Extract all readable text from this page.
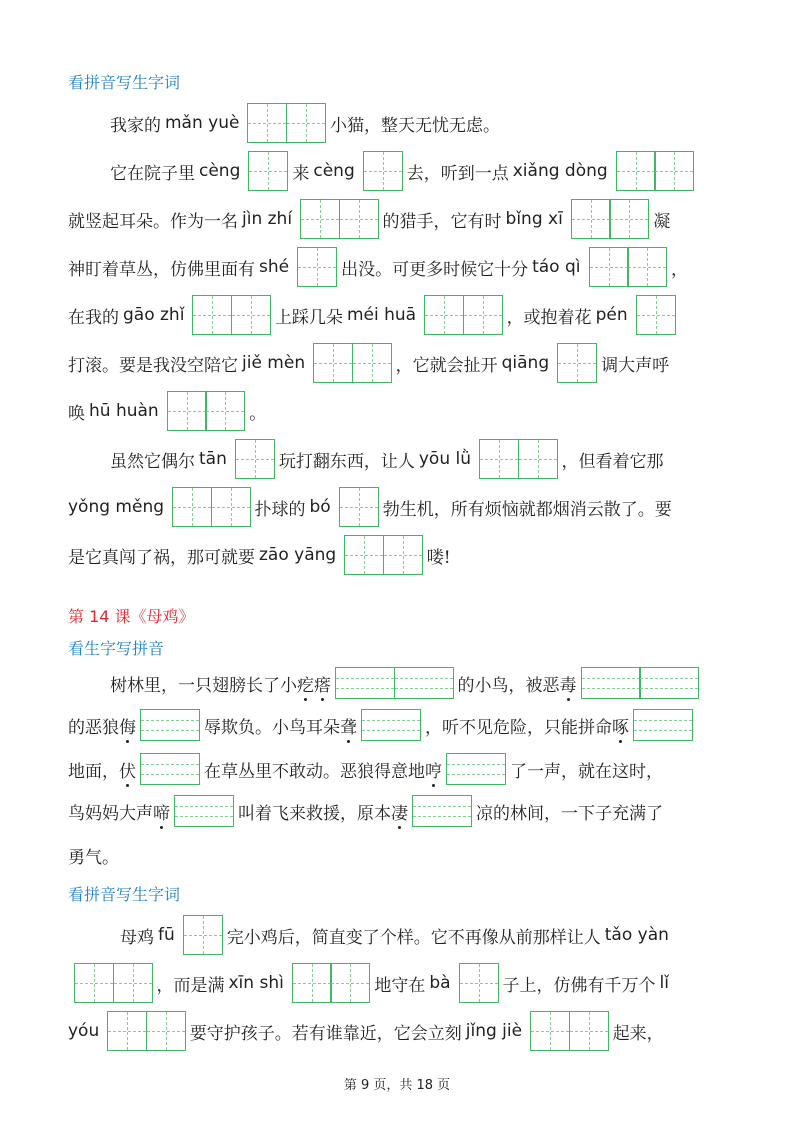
看拼音写生字词
我家的 mǎn yuè	小猫，整天无忧无虑。
它在院子里 cèng	来 cèng	去，听到一点 xiǎng dòng
就竖起耳朵。作为一名 jìn zhí	的猎手，它有时 bǐng xī	凝
神盯着草丛，仿佛里面有 shé	出没。可更多时候它十分 táo qì	，
在我的 gāo zhǐ	上踩几朵 méi huā	，或抱着花 pén
打滚。要是我没空陪它 jiě mèn	，它就会扯开 qiāng	调大声呼
唤 hū huàn	。
虽然它偶尔 tān	玩打翻东西，让人 yōu lǜ	，但看着它那
yǒng měng	扑球的 bó	勃生机，所有烦恼就都烟消云散了。要
是它真闯了祸，那可就要 zāo yāng	喽!
第 14 课《母鸡》
看生字写拼音
树林里，一只翅膀长了小 疙 瘩	的小鸟，被恶 毒
的恶狼 侮	辱欺负。小鸟耳朵 聋	，听不见危险，只能拼命 啄
地面， 伏	在草丛里不敢动。恶狼得意地 哼	了一声，就在这时，
鸟妈妈大声 啼	叫着飞来救援，原本 凄	凉的林间，一下子充满了
勇气。
看拼音写生字词
母鸡 fū	完小鸡后，简直变了个样。它不再像从前那样让人 tǎo yàn
，而是满 xīn shì	地守在 bà	子上，仿佛有千万个 lǐ
yóu	要守护孩子。若有谁靠近，它会立刻 jǐng jiè	起来，
第 9 页，共 18 页
